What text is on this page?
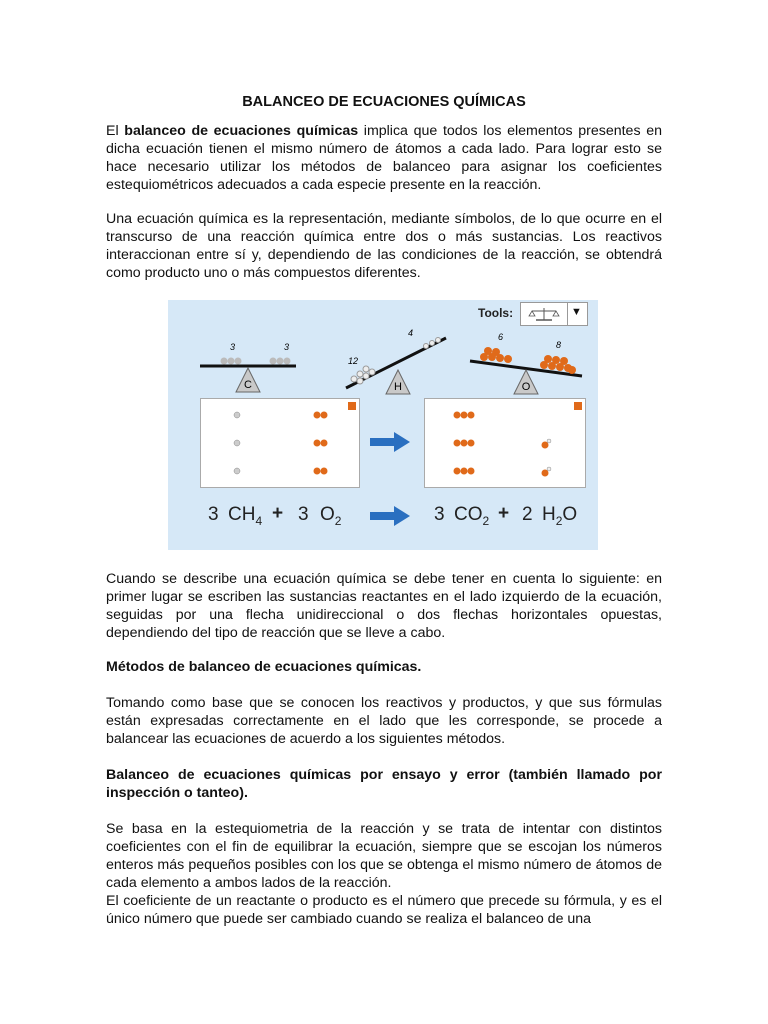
BALANCEO DE ECUACIONES QUÍMICAS

El balanceo de ecuaciones químicas implica que todos los elementos presentes en dicha ecuación tienen el mismo número de átomos a cada lado. Para lograr esto se hace necesario utilizar los métodos de balanceo para asignar los coeficientes estequiométricos adecuados a cada especie presente en la reacción.

Una ecuación química es la representación, mediante símbolos, de lo que ocurre en el transcurso de una reacción química entre dos o más sustancias. Los reactivos interaccionan entre sí y, dependiendo de las condiciones de la reacción, se obtendrá como producto uno o más compuestos diferentes.

Tools:	▼
C	H	O
3	3
12
4	6
8
3 $CH_4 + 3$ $O_2$	3 $CO_2 + 2$ $H_2O$

Cuando se describe una ecuación química se debe tener en cuenta lo siguiente: en primer lugar se escriben las sustancias reactantes en el lado izquierdo de la ecuación, seguidas por una flecha unidireccional o dos flechas horizontales opuestas, dependiendo del tipo de reacción que se lleve a cabo.

Métodos de balanceo de ecuaciones químicas.

Tomando como base que se conocen los reactivos y productos, y que sus fórmulas están expresadas correctamente en el lado que les corresponde, se procede a balancear las ecuaciones de acuerdo a los siguientes métodos.

Balanceo de ecuaciones químicas por ensayo y error (también llamado por inspección o tanteo).

Se basa en la estequiometria de la reacción y se trata de intentar con distintos coeficientes con el fin de equilibrar la ecuación, siempre que se escojan los números enteros más pequeños posibles con los que se obtenga el mismo número de átomos de cada elemento a ambos lados de la reacción.

El coeficiente de un reactante o producto es el número que precede su fórmula, y es el único número que puede ser cambiado cuando se realiza el balanceo de una
